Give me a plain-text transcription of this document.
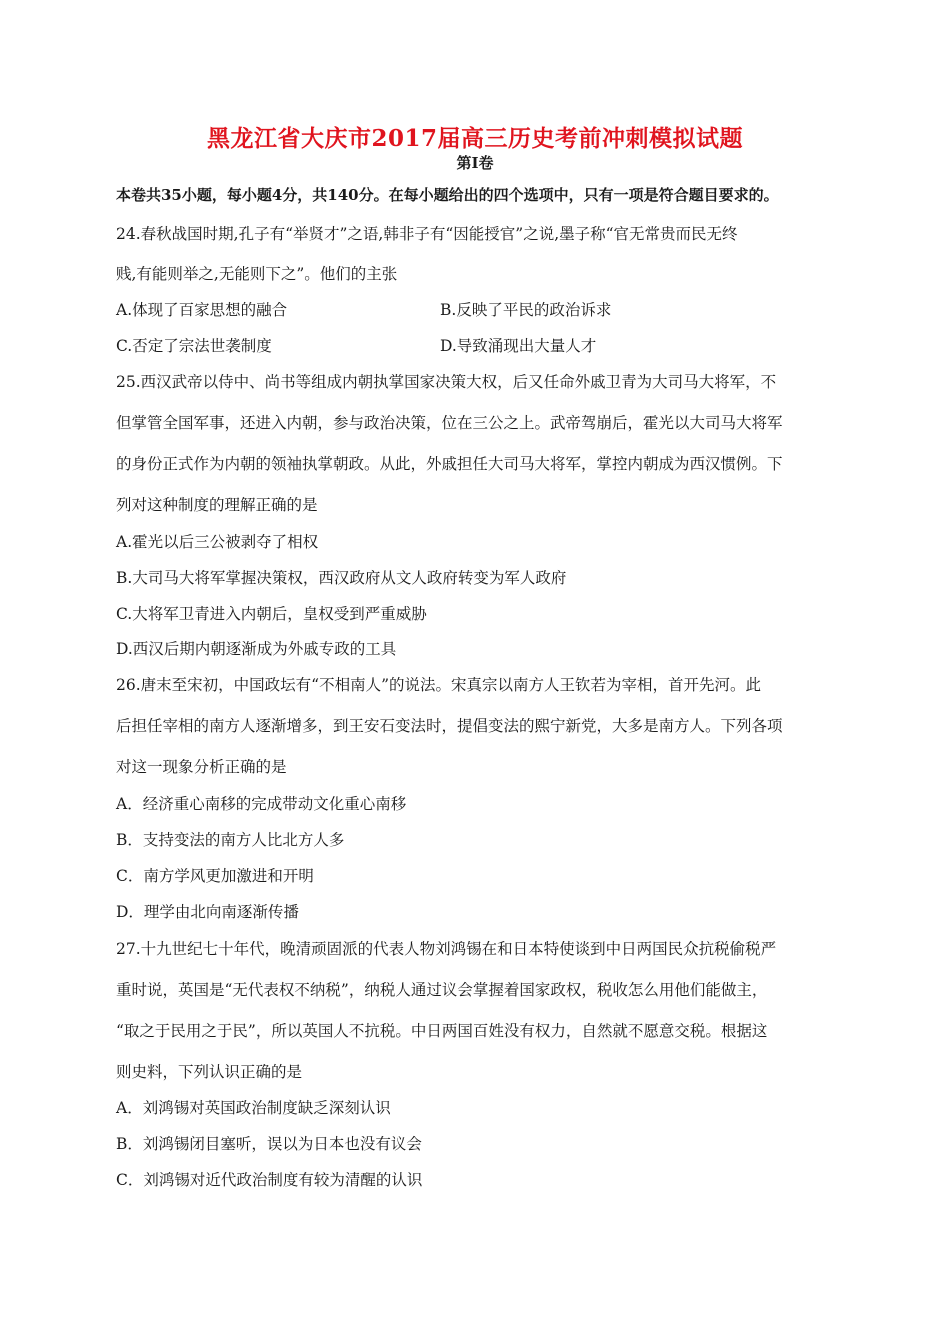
黑龙江省大庆市2017届高三历史考前冲刺模拟试题
第Ⅰ卷
本卷共35小题，每小题4分，共140分。在每小题给出的四个选项中，只有一项是符合题目要求的。
24.春秋战国时期,孔子有“举贤才”之语,韩非子有“因能授官”之说,墨子称“官无常贵而民无终
贱,有能则举之,无能则下之”。他们的主张
A.体现了百家思想的融合	B.反映了平民的政治诉求
C.否定了宗法世袭制度	D.导致涌现出大量人才
25.西汉武帝以侍中、尚书等组成内朝执掌国家决策大权，后又任命外戚卫青为大司马大将军，不
但掌管全国军事，还进入内朝，参与政治决策，位在三公之上。武帝驾崩后，霍光以大司马大将军
的身份正式作为内朝的领袖执掌朝政。从此，外戚担任大司马大将军，掌控内朝成为西汉惯例。下
列对这种制度的理解正确的是
A.霍光以后三公被剥夺了相权
B.大司马大将军掌握决策权，西汉政府从文人政府转变为军人政府
C.大将军卫青进入内朝后，皇权受到严重威胁
D.西汉后期内朝逐渐成为外戚专政的工具
26.唐末至宋初，中国政坛有“不相南人”的说法。宋真宗以南方人王钦若为宰相，首开先河。此
后担任宰相的南方人逐渐增多，到王安石变法时，提倡变法的熙宁新党，大多是南方人。下列各项
对这一现象分析正确的是
A．经济重心南移的完成带动文化重心南移
B．支持变法的南方人比北方人多
C．南方学风更加激进和开明
D．理学由北向南逐渐传播
27.十九世纪七十年代，晚清顽固派的代表人物刘鸿锡在和日本特使谈到中日两国民众抗税偷税严
重时说，英国是“无代表权不纳税”，纳税人通过议会掌握着国家政权，税收怎么用他们能做主，
“取之于民用之于民”，所以英国人不抗税。中日两国百姓没有权力，自然就不愿意交税。根据这
则史料，下列认识正确的是
A．刘鸿锡对英国政治制度缺乏深刻认识
B．刘鸿锡闭目塞听，误以为日本也没有议会
C．刘鸿锡对近代政治制度有较为清醒的认识
